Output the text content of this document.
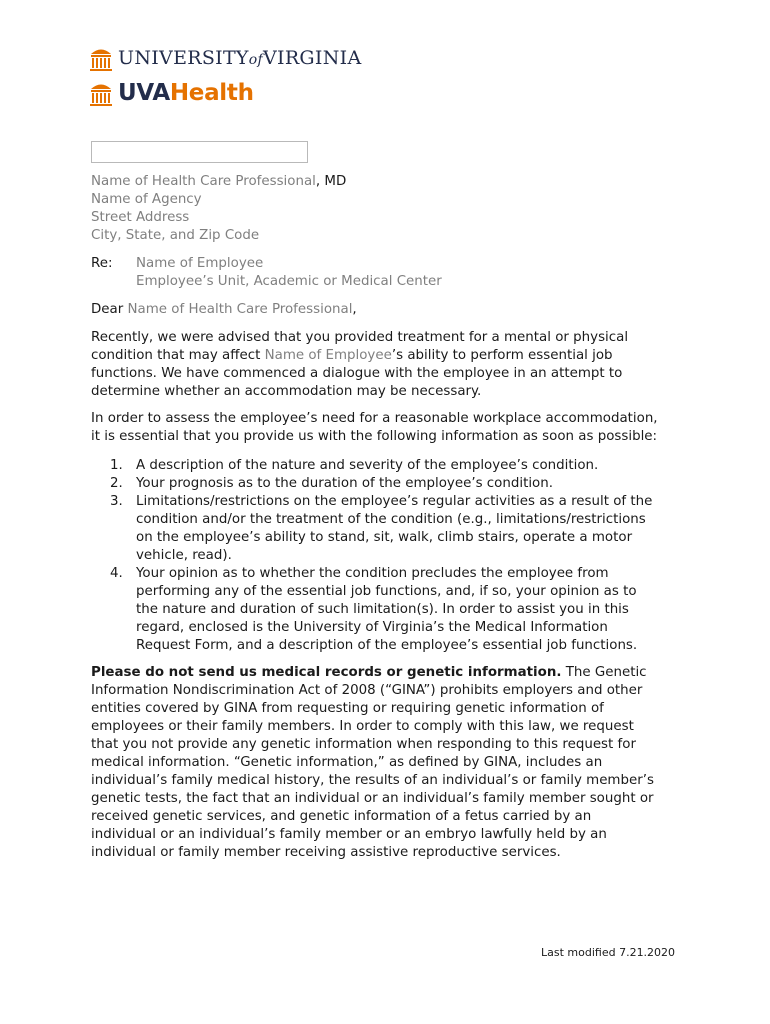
UNIVERSITYofVIRGINIA
UVAHealth
Name of Health Care Professional, MD
Name of Agency
Street Address
City, State, and Zip Code
Re: Name of Employee
Employee’s Unit, Academic or Medical Center
Dear Name of Health Care Professional,
Recently, we were advised that you provided treatment for a mental or physical
condition that may affect Name of Employee’s ability to perform essential job
functions. We have commenced a dialogue with the employee in an attempt to
determine whether an accommodation may be necessary.
In order to assess the employee’s need for a reasonable workplace accommodation,
it is essential that you provide us with the following information as soon as possible:
1. A description of the nature and severity of the employee’s condition.
2. Your prognosis as to the duration of the employee’s condition.
3. Limitations/restrictions on the employee’s regular activities as a result of the
condition and/or the treatment of the condition (e.g., limitations/restrictions
on the employee’s ability to stand, sit, walk, climb stairs, operate a motor
vehicle, read).
4. Your opinion as to whether the condition precludes the employee from
performing any of the essential job functions, and, if so, your opinion as to
the nature and duration of such limitation(s). In order to assist you in this
regard, enclosed is the University of Virginia’s the Medical Information
Request Form, and a description of the employee’s essential job functions.
Please do not send us medical records or genetic information. The Genetic
Information Nondiscrimination Act of 2008 (“GINA”) prohibits employers and other
entities covered by GINA from requesting or requiring genetic information of
employees or their family members. In order to comply with this law, we request
that you not provide any genetic information when responding to this request for
medical information. “Genetic information,” as defined by GINA, includes an
individual’s family medical history, the results of an individual’s or family member’s
genetic tests, the fact that an individual or an individual’s family member sought or
received genetic services, and genetic information of a fetus carried by an
individual or an individual’s family member or an embryo lawfully held by an
individual or family member receiving assistive reproductive services.
Last modified 7.21.2020
